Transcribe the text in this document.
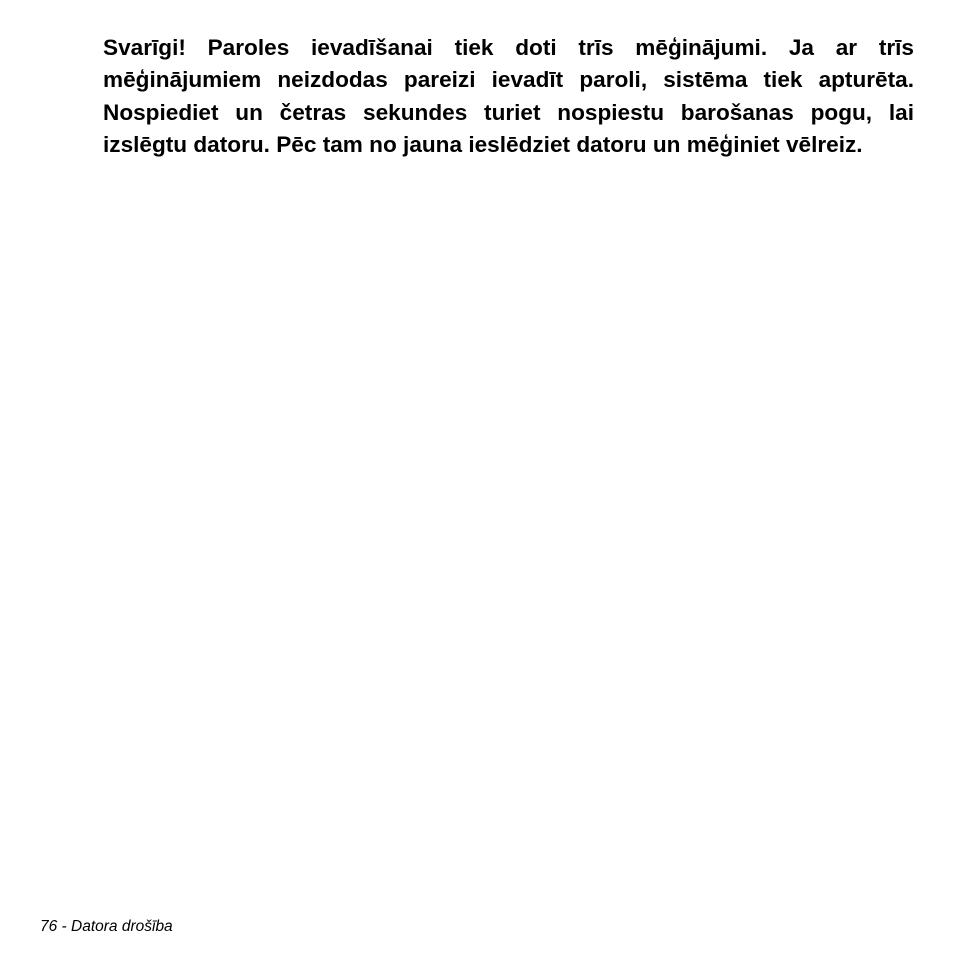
Svarīgi! Paroles ievadīšanai tiek doti trīs mēģinājumi. Ja ar trīs mēģinājumiem neizdodas pareizi ievadīt paroli, sistēma tiek apturēta. Nospiediet un četras sekundes turiet nospiestu barošanas pogu, lai izslēgtu datoru. Pēc tam no jauna ieslēdziet datoru un mēģiniet vēlreiz.

76 - Datora drošība
